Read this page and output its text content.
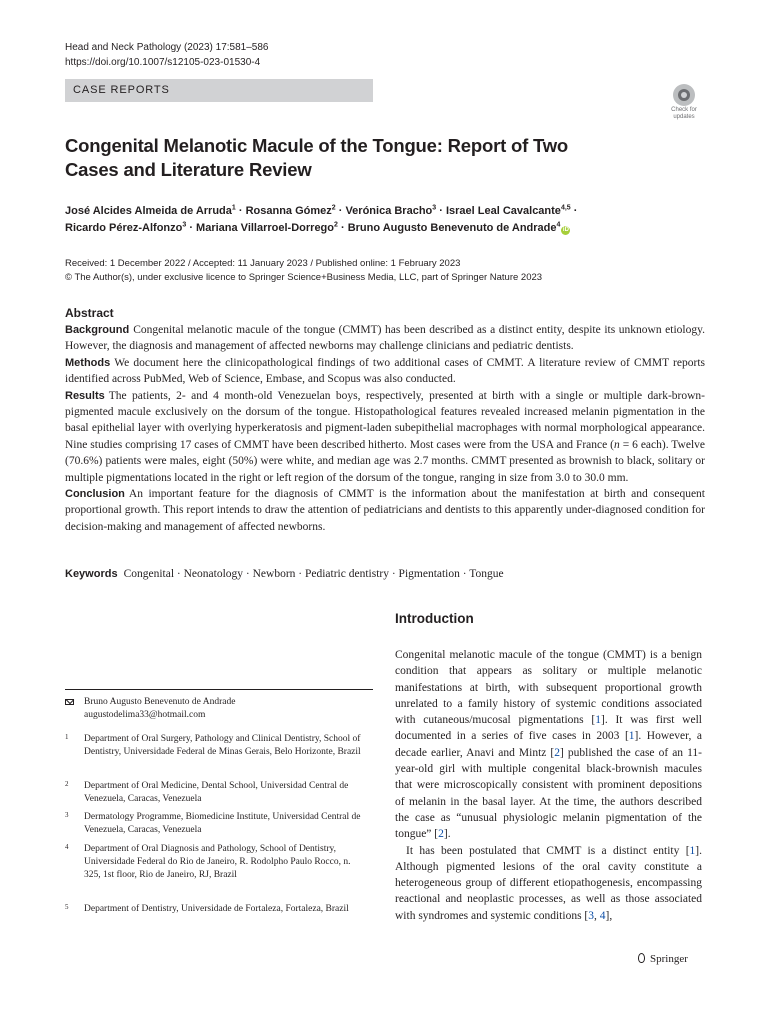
Head and Neck Pathology (2023) 17:581–586
https://doi.org/10.1007/s12105-023-01530-4
CASE REPORTS
Check for
updates
Congenital Melanotic Macule of the Tongue: Report of Two Cases and Literature Review
José Alcides Almeida de Arruda$^1$ · Rosanna Gómez$^2$ · Verónica Bracho$^3$ · Israel Leal Cavalcante$^{4,5}$ ·
Ricardo Pérez-Alfonzo$^3$ · Mariana Villarroel-Dorrego$^2$ · Bruno Augusto Benevenuto de Andrade$^4$iD
Received: 1 December 2022 / Accepted: 11 January 2023 / Published online: 1 February 2023
© The Author(s), under exclusive licence to Springer Science+Business Media, LLC, part of Springer Nature 2023
Abstract

Background Congenital melanotic macule of the tongue (CMMT) has been described as a distinct entity, despite its unknown etiology. However, the diagnosis and management of affected newborns may challenge clinicians and pediatric dentists.

Methods We document here the clinicopathological findings of two additional cases of CMMT. A literature review of CMMT reports identified across PubMed, Web of Science, Embase, and Scopus was also conducted.

Results The patients, 2- and 4 month-old Venezuelan boys, respectively, presented at birth with a single or multiple dark-brown-pigmented macule exclusively on the dorsum of the tongue. Histopathological features revealed increased melanin pigmentation in the basal epithelial layer with overlying hyperkeratosis and pigment-laden subepithelial macrophages with normal morphological appearance. Nine studies comprising 17 cases of CMMT have been described hitherto. Most cases were from the USA and France (n = 6 each). Twelve (70.6%) patients were males, eight (50%) were white, and median age was 2.7 months. CMMT presented as brownish to black, solitary or multiple pigmentations located in the right or left region of the dorsum of the tongue, ranging in size from 3.0 to 30.0 mm.

Conclusion An important feature for the diagnosis of CMMT is the information about the manifestation at birth and consequent proportional growth. This report intends to draw the attention of pediatricians and dentists to this apparently under-diagnosed condition for decision-making and management of affected newborns.

Keywords Congenital · Neonatology · Newborn · Pediatric dentistry · Pigmentation · Tongue
Introduction

Congenital melanotic macule of the tongue (CMMT) is a benign condition that appears as solitary or multiple melanotic manifestations at birth, with subsequent proportional growth unrelated to a family history of systemic conditions associated with cutaneous/mucosal pigmentations [1]. It was first well documented in a series of five cases in 2003 [1]. However, a decade earlier, Anavi and Mintz [2] published the case of an 11-year-old girl with multiple congenital black-brownish macules that were microscopically consistent with prominent depositions of melanin in the basal layer. At the time, the authors described the case as “unusual physiologic melanin pigmentation of the tongue” [2].

It has been postulated that CMMT is a distinct entity [1]. Although pigmented lesions of the oral cavity constitute a heterogeneous group of different etiopathogenesis, encompassing reactional and neoplastic processes, as well as those associated with syndromes and systemic conditions [3, 4],

Bruno Augusto Benevenuto de Andrade
augustodelima33@hotmail.com
1 Department of Oral Surgery, Pathology and Clinical Dentistry, School of Dentistry, Universidade Federal de Minas Gerais, Belo Horizonte, Brazil
2 Department of Oral Medicine, Dental School, Universidad Central de Venezuela, Caracas, Venezuela
3 Dermatology Programme, Biomedicine Institute, Universidad Central de Venezuela, Caracas, Venezuela
4 Department of Oral Diagnosis and Pathology, School of Dentistry, Universidade Federal do Rio de Janeiro, R. Rodolpho Paulo Rocco, n. 325, 1st floor, Rio de Janeiro, RJ, Brazil
5 Department of Dentistry, Universidade de Fortaleza, Fortaleza, Brazil
Springer
